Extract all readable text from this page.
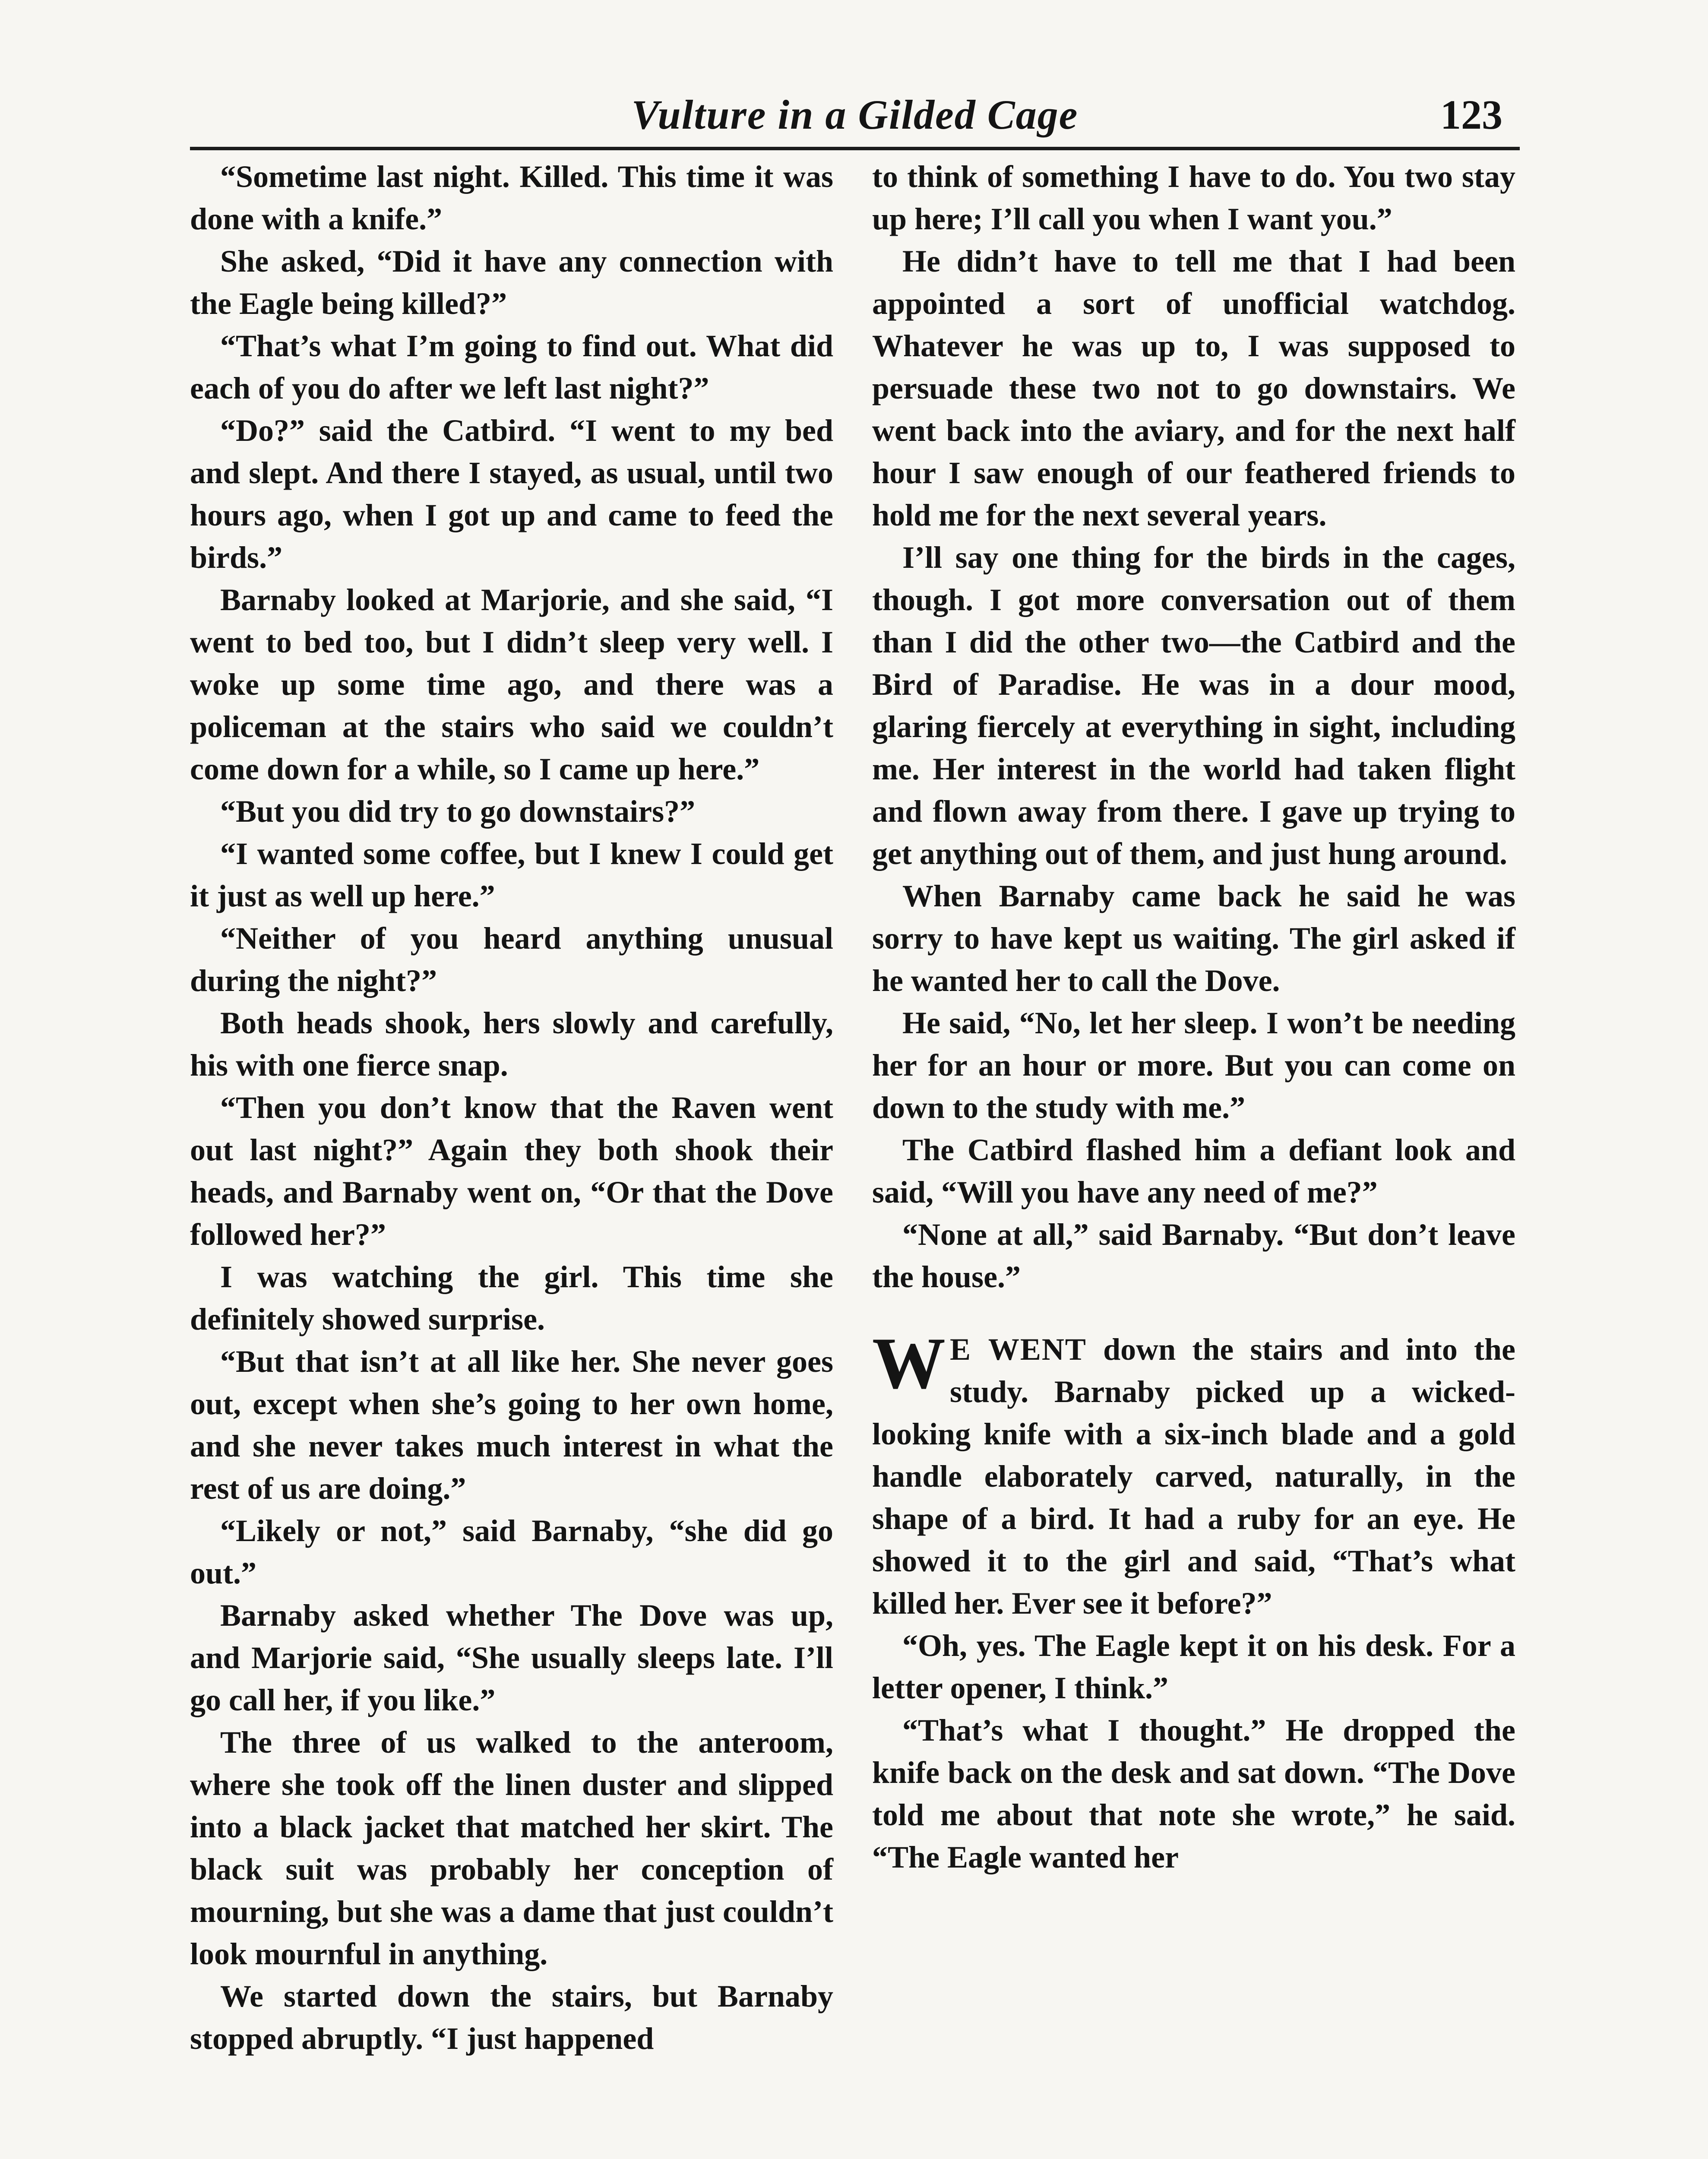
Vulture in a Gilded Cage	123

“Sometime last night. Killed. This time it was done with a knife.”

She asked, “Did it have any connection with the Eagle being killed?”

“That’s what I’m going to find out. What did each of you do after we left last night?”

“Do?” said the Catbird. “I went to my bed and slept. And there I stayed, as usual, until two hours ago, when I got up and came to feed the birds.”

Barnaby looked at Marjorie, and she said, “I went to bed too, but I didn’t sleep very well. I woke up some time ago, and there was a policeman at the stairs who said we couldn’t come down for a while, so I came up here.”

“But you did try to go downstairs?”

“I wanted some coffee, but I knew I could get it just as well up here.”

“Neither of you heard anything unusual during the night?”

Both heads shook, hers slowly and carefully, his with one fierce snap.

“Then you don’t know that the Raven went out last night?” Again they both shook their heads, and Barnaby went on, “Or that the Dove followed her?”

I was watching the girl. This time she definitely showed surprise.

“But that isn’t at all like her. She never goes out, except when she’s going to her own home, and she never takes much interest in what the rest of us are doing.”

“Likely or not,” said Barnaby, “she did go out.”

Barnaby asked whether The Dove was up, and Marjorie said, “She usually sleeps late. I’ll go call her, if you like.”

The three of us walked to the anteroom, where she took off the linen duster and slipped into a black jacket that matched her skirt. The black suit was probably her conception of mourning, but she was a dame that just couldn’t look mournful in anything.

We started down the stairs, but Barnaby stopped abruptly. “I just happened

to think of something I have to do. You two stay up here; I’ll call you when I want you.”

He didn’t have to tell me that I had been appointed a sort of unofficial watchdog. Whatever he was up to, I was supposed to persuade these two not to go downstairs. We went back into the aviary, and for the next half hour I saw enough of our feathered friends to hold me for the next several years.

I’ll say one thing for the birds in the cages, though. I got more conversation out of them than I did the other two—the Catbird and the Bird of Paradise. He was in a dour mood, glaring fiercely at everything in sight, including me. Her interest in the world had taken flight and flown away from there. I gave up trying to get anything out of them, and just hung around.

When Barnaby came back he said he was sorry to have kept us waiting. The girl asked if he wanted her to call the Dove.

He said, “No, let her sleep. I won’t be needing her for an hour or more. But you can come on down to the study with me.”

The Catbird flashed him a defiant look and said, “Will you have any need of me?”

“None at all,” said Barnaby. “But don’t leave the house.”

W E WENT down the stairs and into the study. Barnaby picked up a wicked-looking knife with a six-inch blade and a gold handle elaborately carved, naturally, in the shape of a bird. It had a ruby for an eye. He showed it to the girl and said, “That’s what killed her. Ever see it before?”

“Oh, yes. The Eagle kept it on his desk. For a letter opener, I think.”

“That’s what I thought.” He dropped the knife back on the desk and sat down. “The Dove told me about that note she wrote,” he said. “The Eagle wanted her
